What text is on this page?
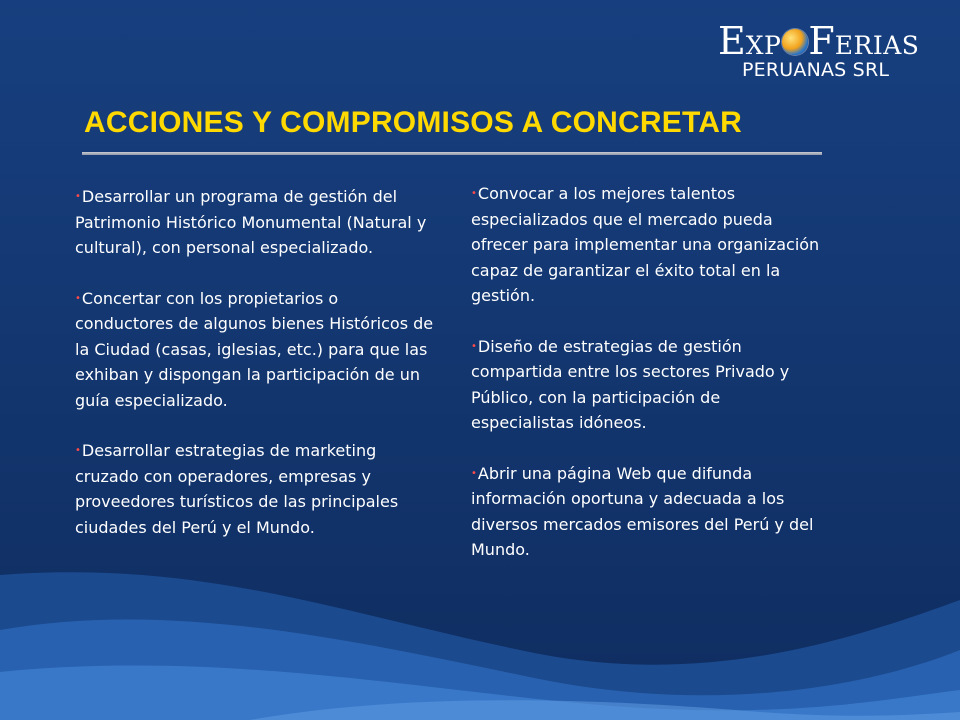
EXP FERIAS
PERUANAS SRL
ACCIONES Y COMPROMISOS A CONCRETAR

•Desarrollar un programa de gestión del Patrimonio Histórico Monumental (Natural y cultural), con personal especializado.

•Concertar con los propietarios o conductores de algunos bienes Históricos de la Ciudad (casas, iglesias, etc.) para que las exhiban y dispongan la participación de un guía especializado.

•Desarrollar estrategias de marketing cruzado con operadores, empresas y proveedores turísticos de las principales ciudades del Perú y el Mundo.

•Convocar a los mejores talentos especializados que el mercado pueda ofrecer para implementar una organización capaz de garantizar el éxito total en la gestión.

•Diseño de estrategias de gestión compartida entre los sectores Privado y Público, con la participación de especialistas idóneos.

•Abrir una página Web que difunda información oportuna y adecuada a los diversos mercados emisores del Perú y del Mundo.
